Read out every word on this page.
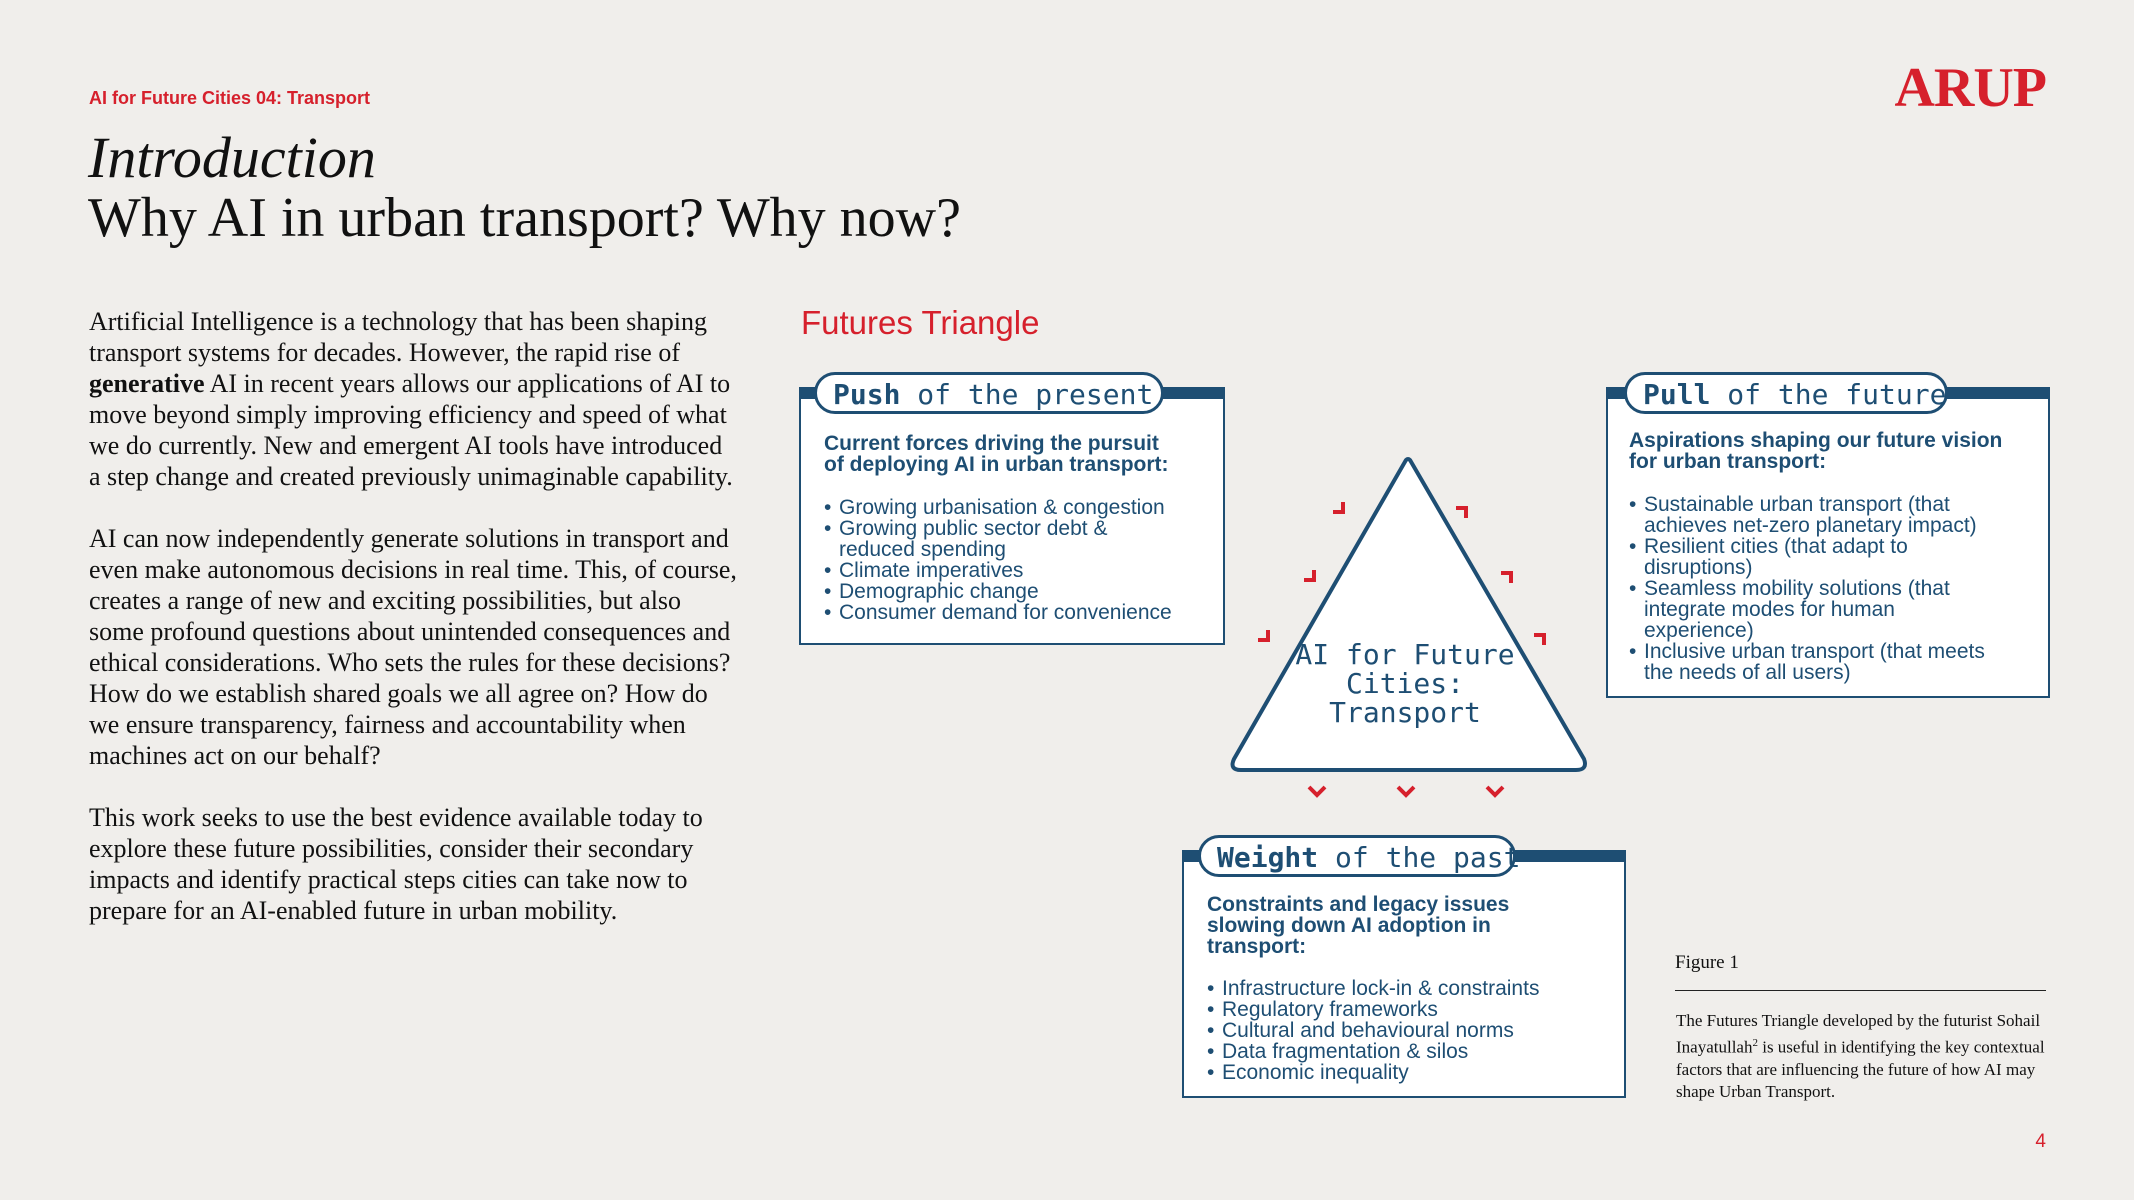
AI for Future Cities 04: Transport	ARUP
Introduction
Why AI in urban transport? Why now?

Artificial Intelligence is a technology that has been shaping transport systems for decades. However, the rapid rise of generative AI in recent years allows our applications of AI to move beyond simply improving efficiency and speed of what we do currently. New and emergent AI tools have introduced a step change and created previously unimaginable capability.

AI can now independently generate solutions in transport and even make autonomous decisions in real time. This, of course, creates a range of new and exciting possibilities, but also some profound questions about unintended consequences and ethical considerations. Who sets the rules for these decisions? How do we establish shared goals we all agree on? How do we ensure transparency, fairness and accountability when machines act on our behalf?

This work seeks to use the best evidence available today to explore these future possibilities, consider their secondary impacts and identify practical steps cities can take now to prepare for an AI-enabled future in urban mobility.

Futures Triangle
Push of the present
Current forces driving the pursuit
of deploying AI in urban transport:
• Growing urbanisation & congestion
• Growing public sector debt &
reduced spending
• Climate imperatives
• Demographic change
• Consumer demand for convenience
Pull of the future
Aspirations shaping our future vision
for urban transport:
• Sustainable urban transport (that
achieves net-zero planetary impact)
• Resilient cities (that adapt to
disruptions)
• Seamless mobility solutions (that
integrate modes for human
experience)
• Inclusive urban transport (that meets
the needs of all users)
Weight of the past
Constraints and legacy issues
slowing down AI adoption in
transport:
• Infrastructure lock-in & constraints
• Regulatory frameworks
• Cultural and behavioural norms
• Data fragmentation & silos
• Economic inequality
AI for Future
Cities:
Transport
Figure 1
The Futures Triangle developed by the futurist Sohail Inayatullah$^2$ is useful in identifying the key contextual factors that are influencing the future of how AI may shape Urban Transport.
4
